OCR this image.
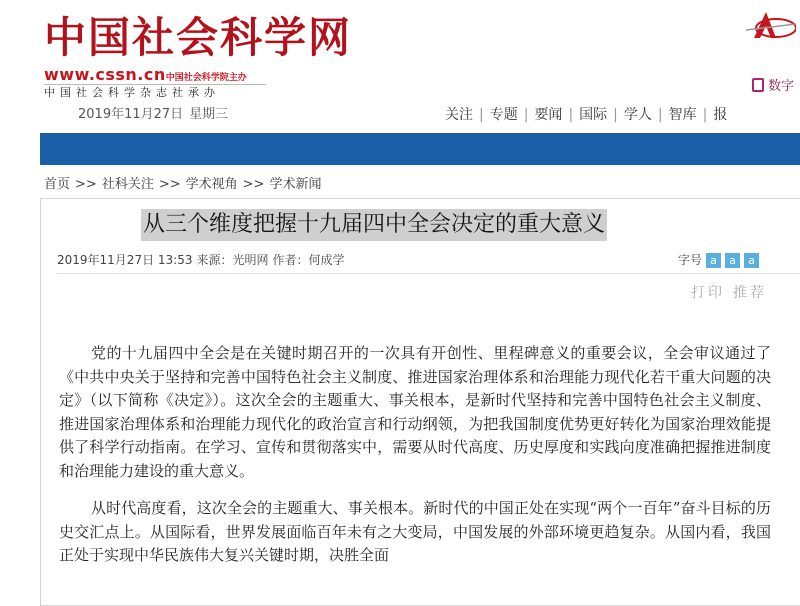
中国社会科学网
www.cssn.cn中国社会科学院主办
中国社会科学杂志社承办
2019年11月27日 星期三
数字
关注 | 专题 | 要闻 | 国际 | 学人 | 智库 | 报
首页 >> 社科关注 >> 学术视角 >> 学术新闻
从三个维度把握十九届四中全会决定的重大意义
2019年11月27日 13:53 来源：光明网 作者：何成学	字号 a a a
打印 推荐

党的十九届四中全会是在关键时期召开的一次具有开创性、里程碑意义的重要会议，全会审议通过了《中共中央关于坚持和完善中国特色社会主义制度、推进国家治理体系和治理能力现代化若干重大问题的决定》（以下简称《决定》）。这次全会的主题重大、事关根本，是新时代坚持和完善中国特色社会主义制度、推进国家治理体系和治理能力现代化的政治宣言和行动纲领，为把我国制度优势更好转化为国家治理效能提供了科学行动指南。在学习、宣传和贯彻落实中，需要从时代高度、历史厚度和实践向度准确把握推进制度和治理能力建设的重大意义。

从时代高度看，这次全会的主题重大、事关根本。新时代的中国正处在实现“两个一百年”奋斗目标的历史交汇点上。从国际看，世界发展面临百年未有之大变局，中国发展的外部环境更趋复杂。从国内看，我国正处于实现中华民族伟大复兴关键时期，决胜全面
